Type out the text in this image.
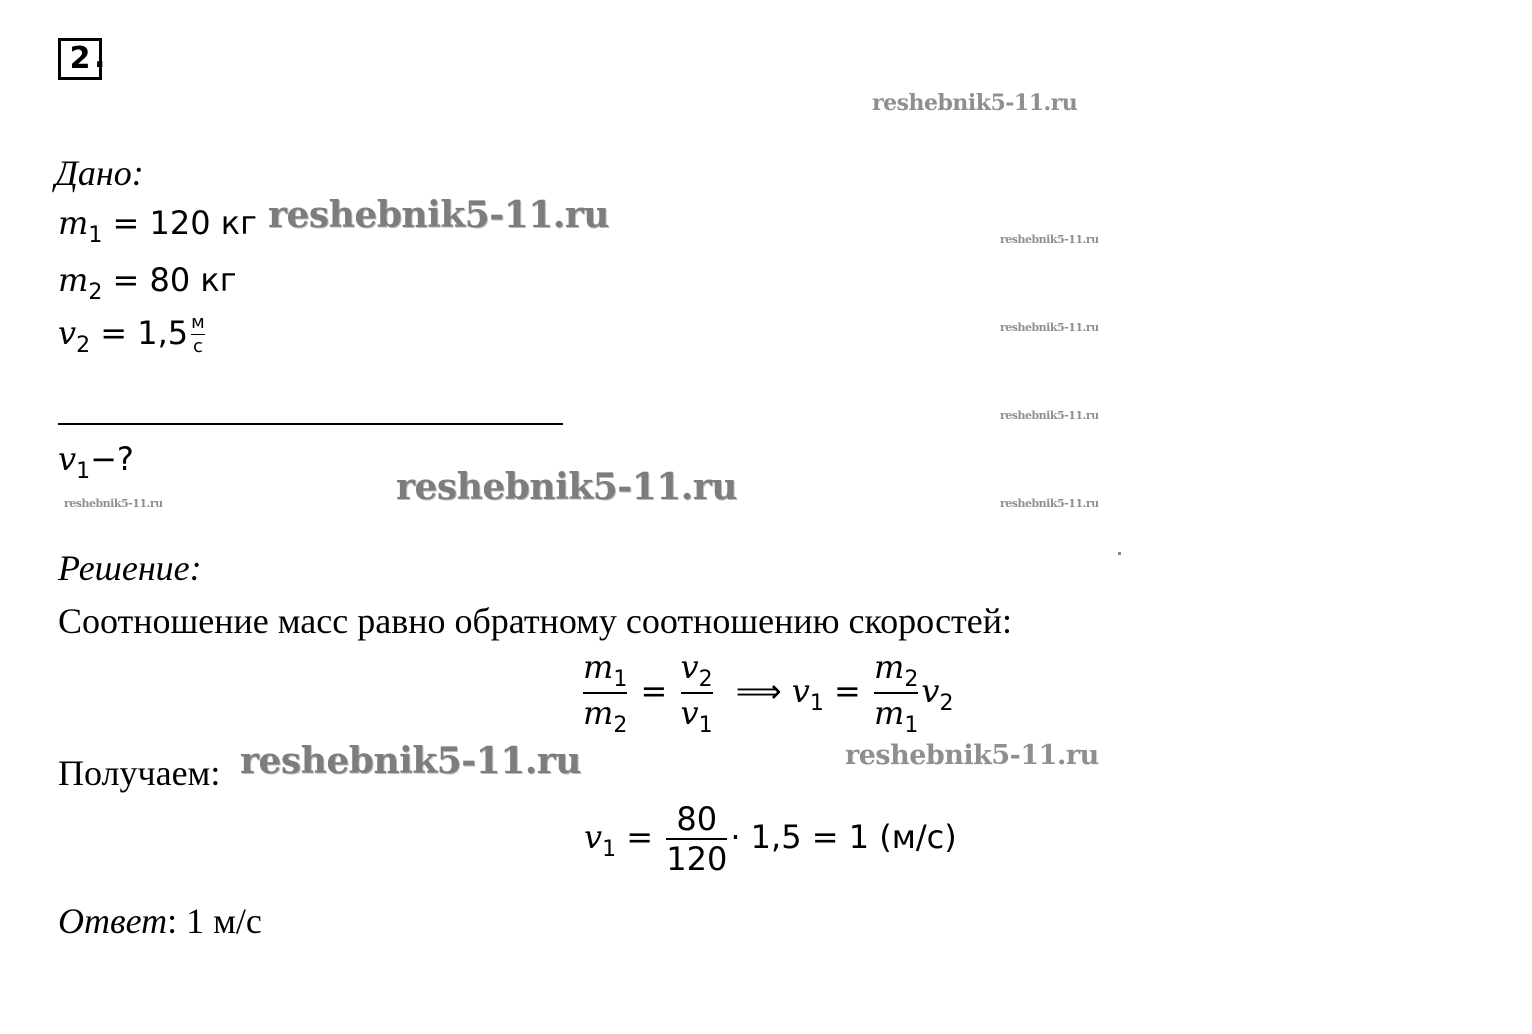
2 .
reshebnik5-11.ru
reshebnik5-11.ru
reshebnik5-11.ru
reshebnik5-11.ru
reshebnik5-11.ru
reshebnik5-11.ru	reshebnik5-11.ru	reshebnik5-11.ru
reshebnik5-11.ru	reshebnik5-11.ru
Дано:
$m_1 = 120$ кг
$m_2 = 80$ кг
$v_2 = 1,5 \frac{м}{с}$
$v_1-$?
Решение:
Соотношение масс равно обратному соотношению скоростей:
$\frac{m_1}{m_2} = \frac{v_2}{v_1}$ ⟹ $v_1 = \frac{m_2}{m_1} v_2$
Получаем:
$v_1 = \frac{80}{120} \cdot 1,5 = 1$ (м/с)
Ответ: 1 м/с
